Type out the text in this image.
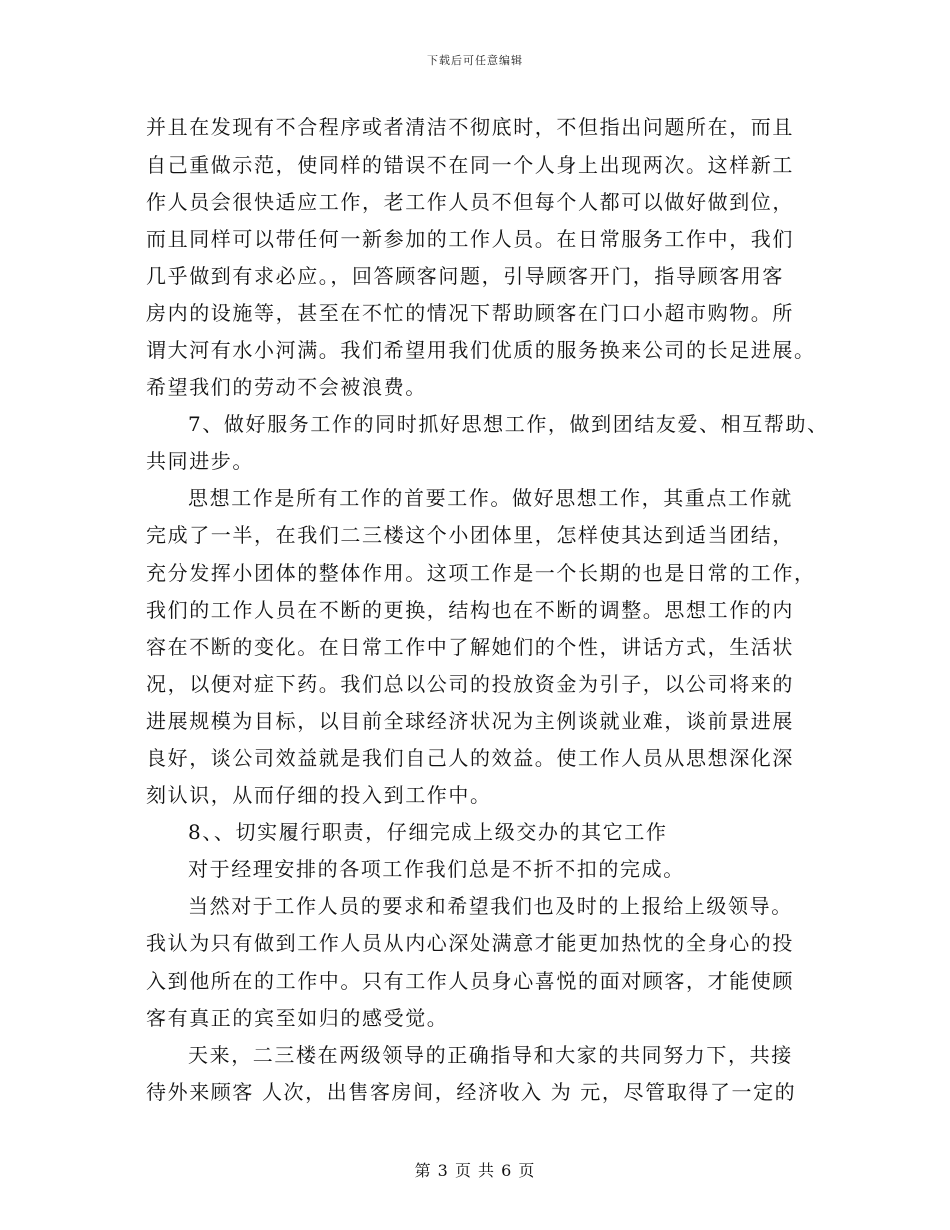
下载后可任意编辑
并且在发现有不合程序或者清洁不彻底时，不但指出问题所在，而且
自己重做示范，使同样的错误不在同一个人身上出现两次。这样新工
作人员会很快适应工作，老工作人员不但每个人都可以做好做到位，
而且同样可以带任何一新参加的工作人员。在日常服务工作中，我们
几乎做到有求必应。，回答顾客问题，引导顾客开门，指导顾客用客
房内的设施等，甚至在不忙的情况下帮助顾客在门口小超市购物。所
谓大河有水小河满。我们希望用我们优质的服务换来公司的长足进展。
希望我们的劳动不会被浪费。
7、做好服务工作的同时抓好思想工作，做到团结友爱、相互帮助、
共同进步。
思想工作是所有工作的首要工作。做好思想工作，其重点工作就
完成了一半，在我们二三楼这个小团体里，怎样使其达到适当团结，
充分发挥小团体的整体作用。这项工作是一个长期的也是日常的工作，
我们的工作人员在不断的更换，结构也在不断的调整。思想工作的内
容在不断的变化。在日常工作中了解她们的个性，讲话方式，生活状
况，以便对症下药。我们总以公司的投放资金为引子，以公司将来的
进展规模为目标，以目前全球经济状况为主例谈就业难，谈前景进展
良好，谈公司效益就是我们自己人的效益。使工作人员从思想深化深
刻认识，从而仔细的投入到工作中。
8、、切实履行职责，仔细完成上级交办的其它工作
对于经理安排的各项工作我们总是不折不扣的完成。
当然对于工作人员的要求和希望我们也及时的上报给上级领导。
我认为只有做到工作人员从内心深处满意才能更加热忱的全身心的投
入到他所在的工作中。只有工作人员身心喜悦的面对顾客，才能使顾
客有真正的宾至如归的感受觉。
天来，二三楼在两级领导的正确指导和大家的共同努力下，共接
待外来顾客 人次，出售客房间，经济收入 为 元，尽管取得了一定的
第 3 页 共 6 页
